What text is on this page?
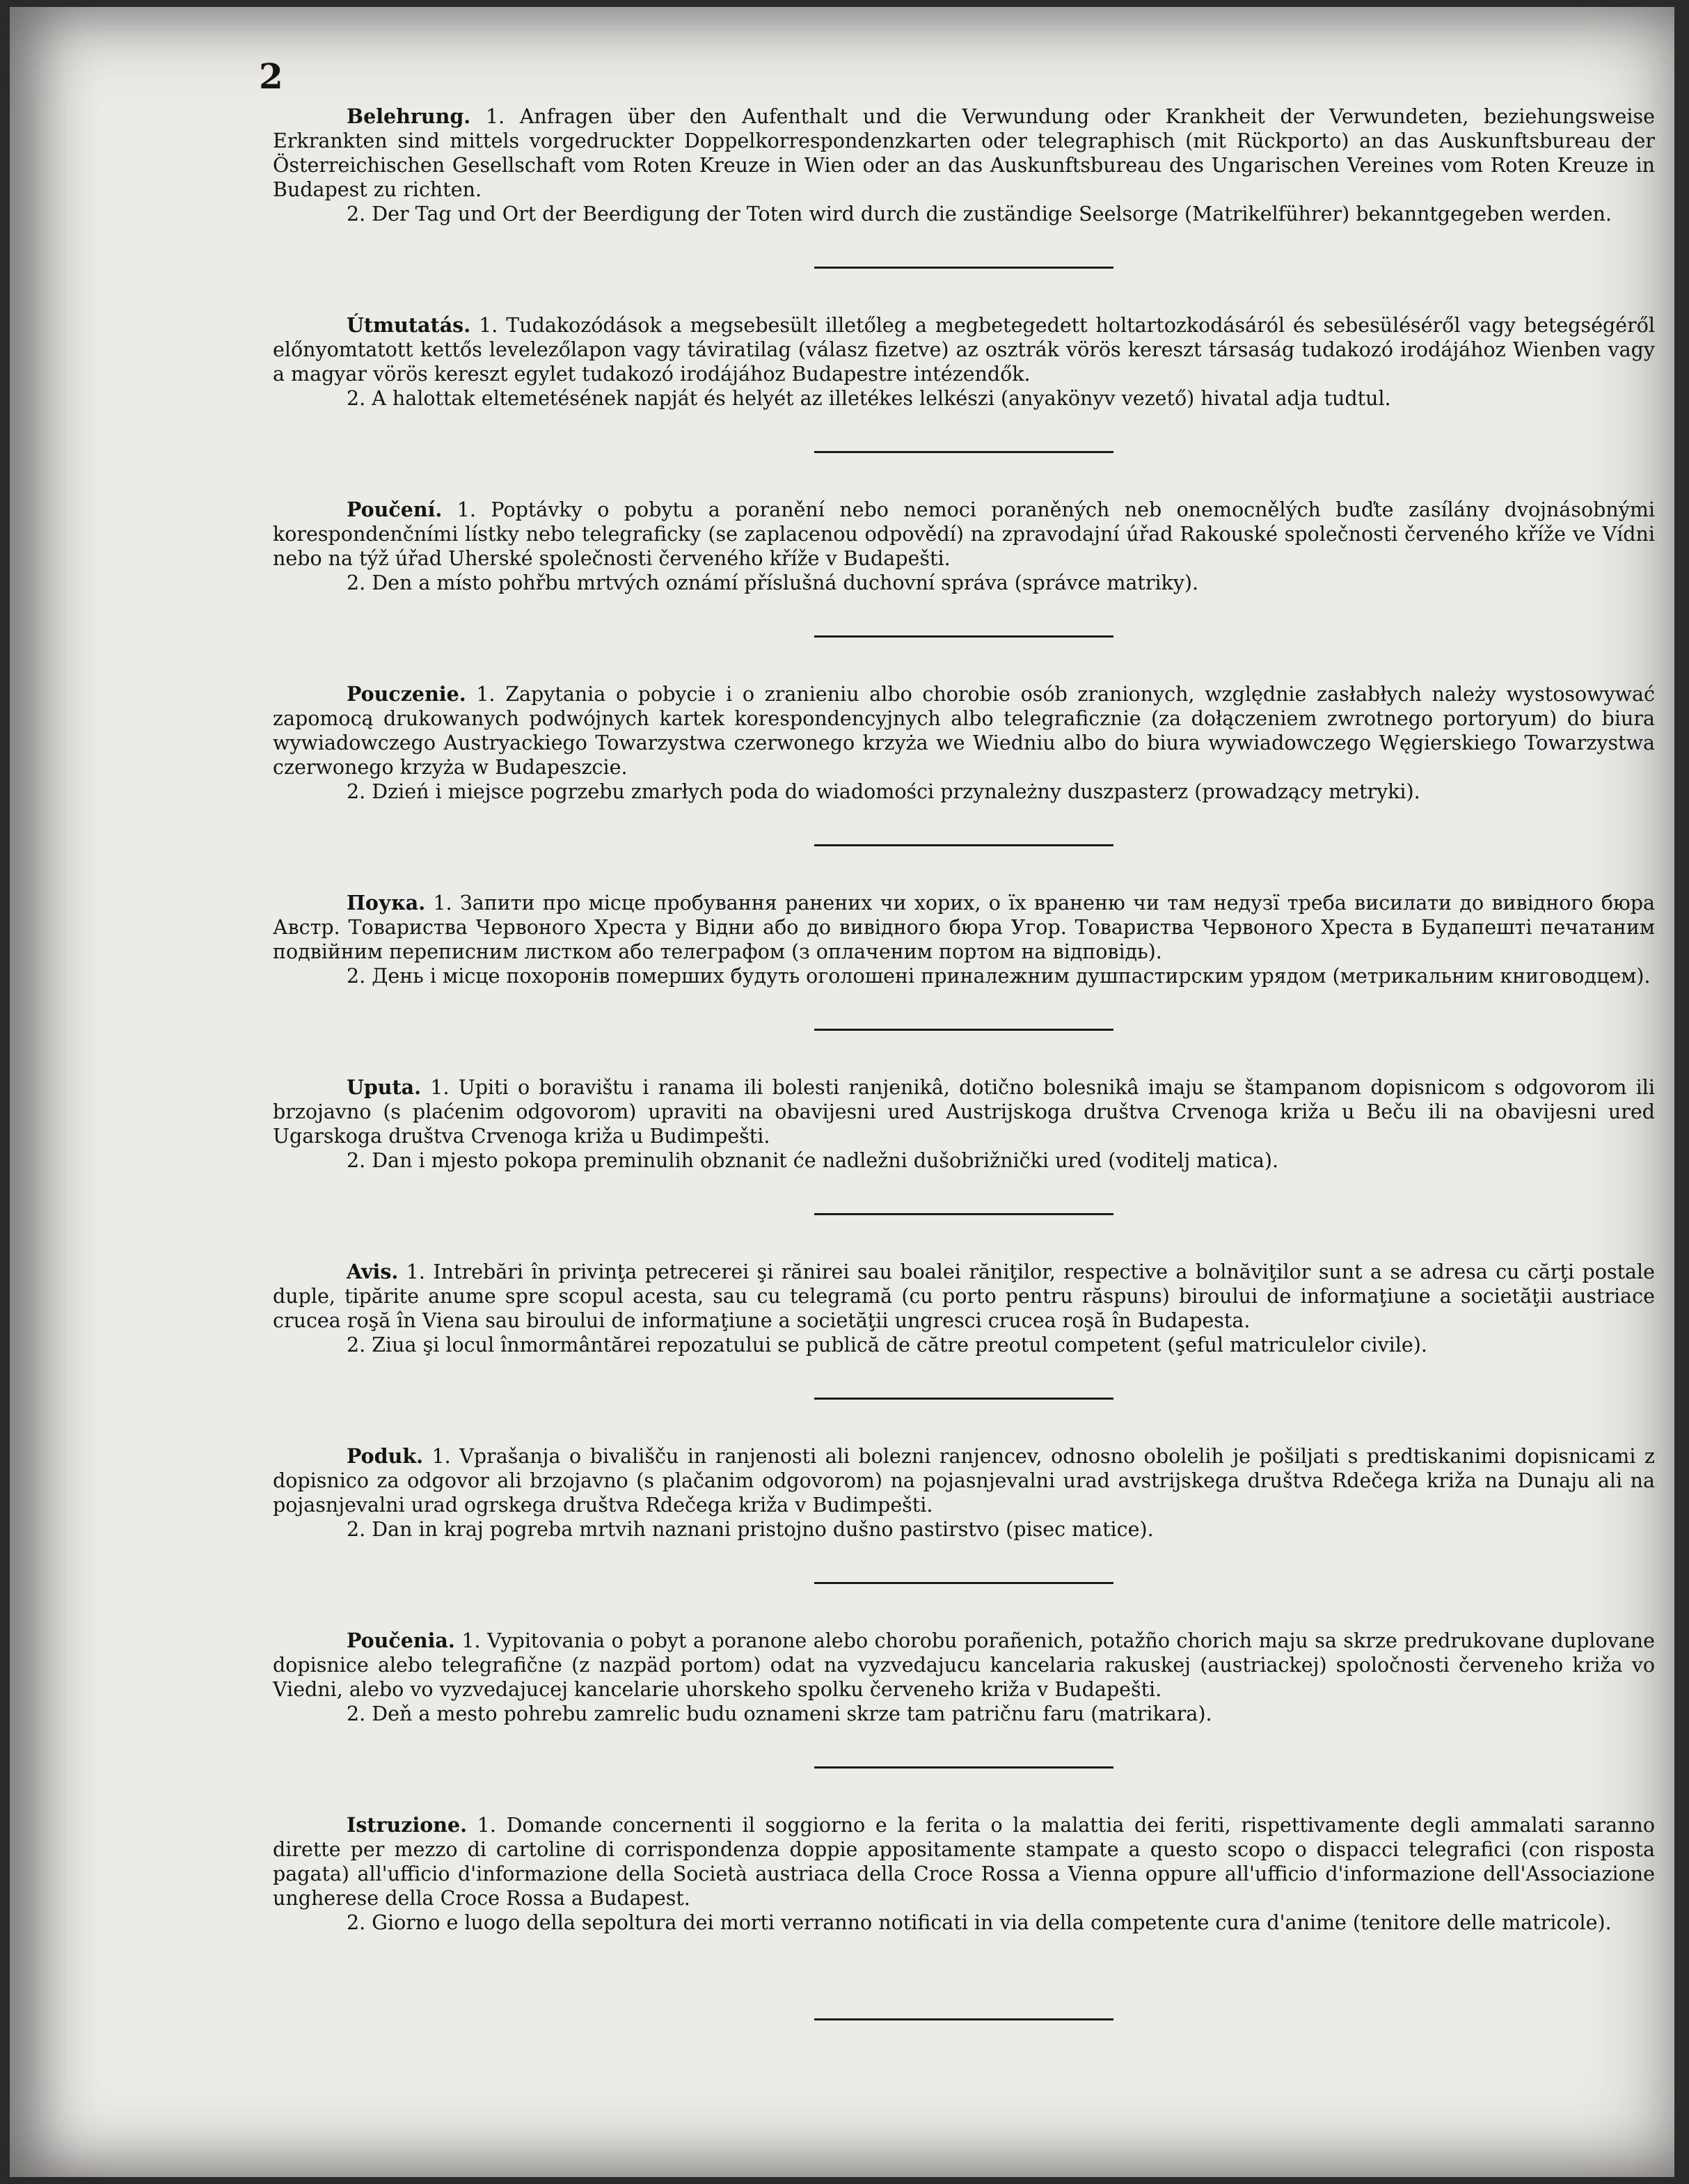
2

Belehrung. 1. Anfragen über den Aufenthalt und die Verwundung oder Krankheit der Verwundeten, beziehungsweise Erkrankten sind mittels vorgedruckter Doppelkorrespondenzkarten oder telegraphisch (mit Rückporto) an das Auskunftsbureau der Österreichischen Gesellschaft vom Roten Kreuze in Wien oder an das Auskunftsbureau des Ungarischen Vereines vom Roten Kreuze in Budapest zu richten.

2. Der Tag und Ort der Beerdigung der Toten wird durch die zuständige Seelsorge (Matrikelführer) bekanntgegeben werden.

Útmutatás. 1. Tudakozódások a megsebesült illetőleg a megbetegedett holtartozkodásáról és sebesüléséről vagy betegségéről előnyomtatott kettős levelezőlapon vagy táviratilag (válasz fizetve) az osztrák vörös kereszt társaság tudakozó irodájához Wienben vagy a magyar vörös kereszt egylet tudakozó irodájához Budapestre intézendők.

2. A halottak eltemetésének napját és helyét az illetékes lelkészi (anyakönyv vezető) hivatal adja tudtul.

Poučení. 1. Poptávky o pobytu a poranění nebo nemoci poraněných neb onemocnělých buďte zasílány dvojnásobnými korespondenčními lístky nebo telegraficky (se zaplacenou odpovědí) na zpravodajní úřad Rakouské společnosti červeného kříže ve Vídni nebo na týž úřad Uherské společnosti červeného kříže v Budapešti.

2. Den a místo pohřbu mrtvých oznámí příslušná duchovní správa (správce matriky).

Pouczenie. 1. Zapytania o pobycie i o zranieniu albo chorobie osób zranionych, względnie zasłabłych należy wystosowywać zapomocą drukowanych podwójnych kartek korespondencyjnych albo telegraficznie (za dołączeniem zwrotnego portoryum) do biura wywiadowczego Austryackiego Towarzystwa czerwonego krzyża we Wiedniu albo do biura wywiadowczego Węgierskiego Towarzystwa czerwonego krzyża w Budapeszcie.

2. Dzień i miejsce pogrzebu zmarłych poda do wiadomości przynależny duszpasterz (prowadzący metryki).

Поука. 1. Запити про місце пробування ранених чи хорих, о їх враненю чи там недузї треба висилати до вивідного бюра Австр. Товариства Червоного Хреста у Відни або до вивідного бюра Угор. Товариства Червоного Хреста в Будапешті печатаним подвійним переписним листком або телеграфом (з оплаченим портом на відповідь).

2. День і місце похоронів померших будуть оголошені приналежним душпастирским урядом (метрикальним книговодцем).

Uputa. 1. Upiti o boravištu i ranama ili bolesti ranjenikâ, dotično bolesnikâ imaju se štampanom dopisnicom s odgovorom ili brzojavno (s plaćenim odgovorom) upraviti na obavijesni ured Austrijskoga društva Crvenoga križa u Beču ili na obavijesni ured Ugarskoga društva Crvenoga križa u Budimpešti.

2. Dan i mjesto pokopa preminulih obznanit će nadležni dušobrižnički ured (voditelj matica).

Avis. 1. Intrebări în privinţa petrecerei şi rănirei sau boalei răniţilor, respective a bolnăviţilor sunt a se adresa cu cărţi postale duple, tipărite anume spre scopul acesta, sau cu telegramă (cu porto pentru răspuns) biroului de informaţiune a societăţii austriace crucea roşă în Viena sau biroului de informaţiune a societăţii ungresci crucea roşă în Budapesta.

2. Ziua şi locul înmormântărei repozatului se publică de către preotul competent (şeful matriculelor civile).

Poduk. 1. Vprašanja o bivališču in ranjenosti ali bolezni ranjencev, odnosno obolelih je pošiljati s predtiskanimi dopisnicami z dopisnico za odgovor ali brzojavno (s plačanim odgovorom) na pojasnjevalni urad avstrijskega društva Rdečega križa na Dunaju ali na pojasnjevalni urad ogrskega društva Rdečega križa v Budimpešti.

2. Dan in kraj pogreba mrtvih naznani pristojno dušno pastirstvo (pisec matice).

Poučenia. 1. Vypitovania o pobyt a poranone alebo chorobu porañenich, potažño chorich maju sa skrze predrukovane duplovane dopisnice alebo telegrafične (z nazpäd portom) odat na vyzvedajucu kancelaria rakuskej (austriackej) spoločnosti červeneho križa vo Viedni, alebo vo vyzvedajucej kancelarie uhorskeho spolku červeneho križa v Budapešti.

2. Deň a mesto pohrebu zamrelic budu oznameni skrze tam patričnu faru (matrikara).

Istruzione. 1. Domande concernenti il soggiorno e la ferita o la malattia dei feriti, rispettivamente degli ammalati saranno dirette per mezzo di cartoline di corrispondenza doppie appositamente stampate a questo scopo o dispacci telegrafici (con risposta pagata) all'ufficio d'informazione della Società austriaca della Croce Rossa a Vienna oppure all'ufficio d'informazione dell'Associazione ungherese della Croce Rossa a Budapest.

2. Giorno e luogo della sepoltura dei morti verranno notificati in via della competente cura d'anime (tenitore delle matricole).
